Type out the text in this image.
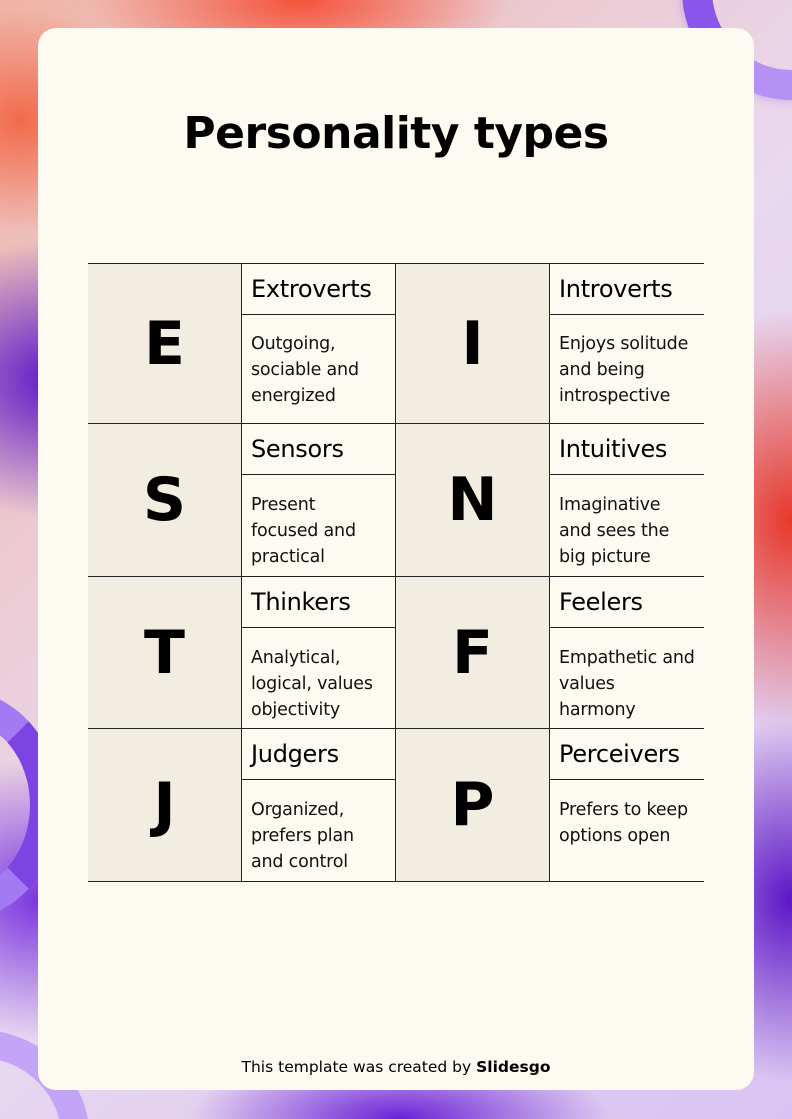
Personality types
E
Extroverts
Outgoing, sociable and energized
I
Introverts
Enjoys solitude and being introspective
S
Sensors
Present focused and practical
N
Intuitives
Imaginative and sees the big picture
T
Thinkers
Analytical, logical, values objectivity
F
Feelers
Empathetic and values harmony
J
Judgers
Organized, prefers plan and control
P
Perceivers
Prefers to keep options open
This template was created by Slidesgo
